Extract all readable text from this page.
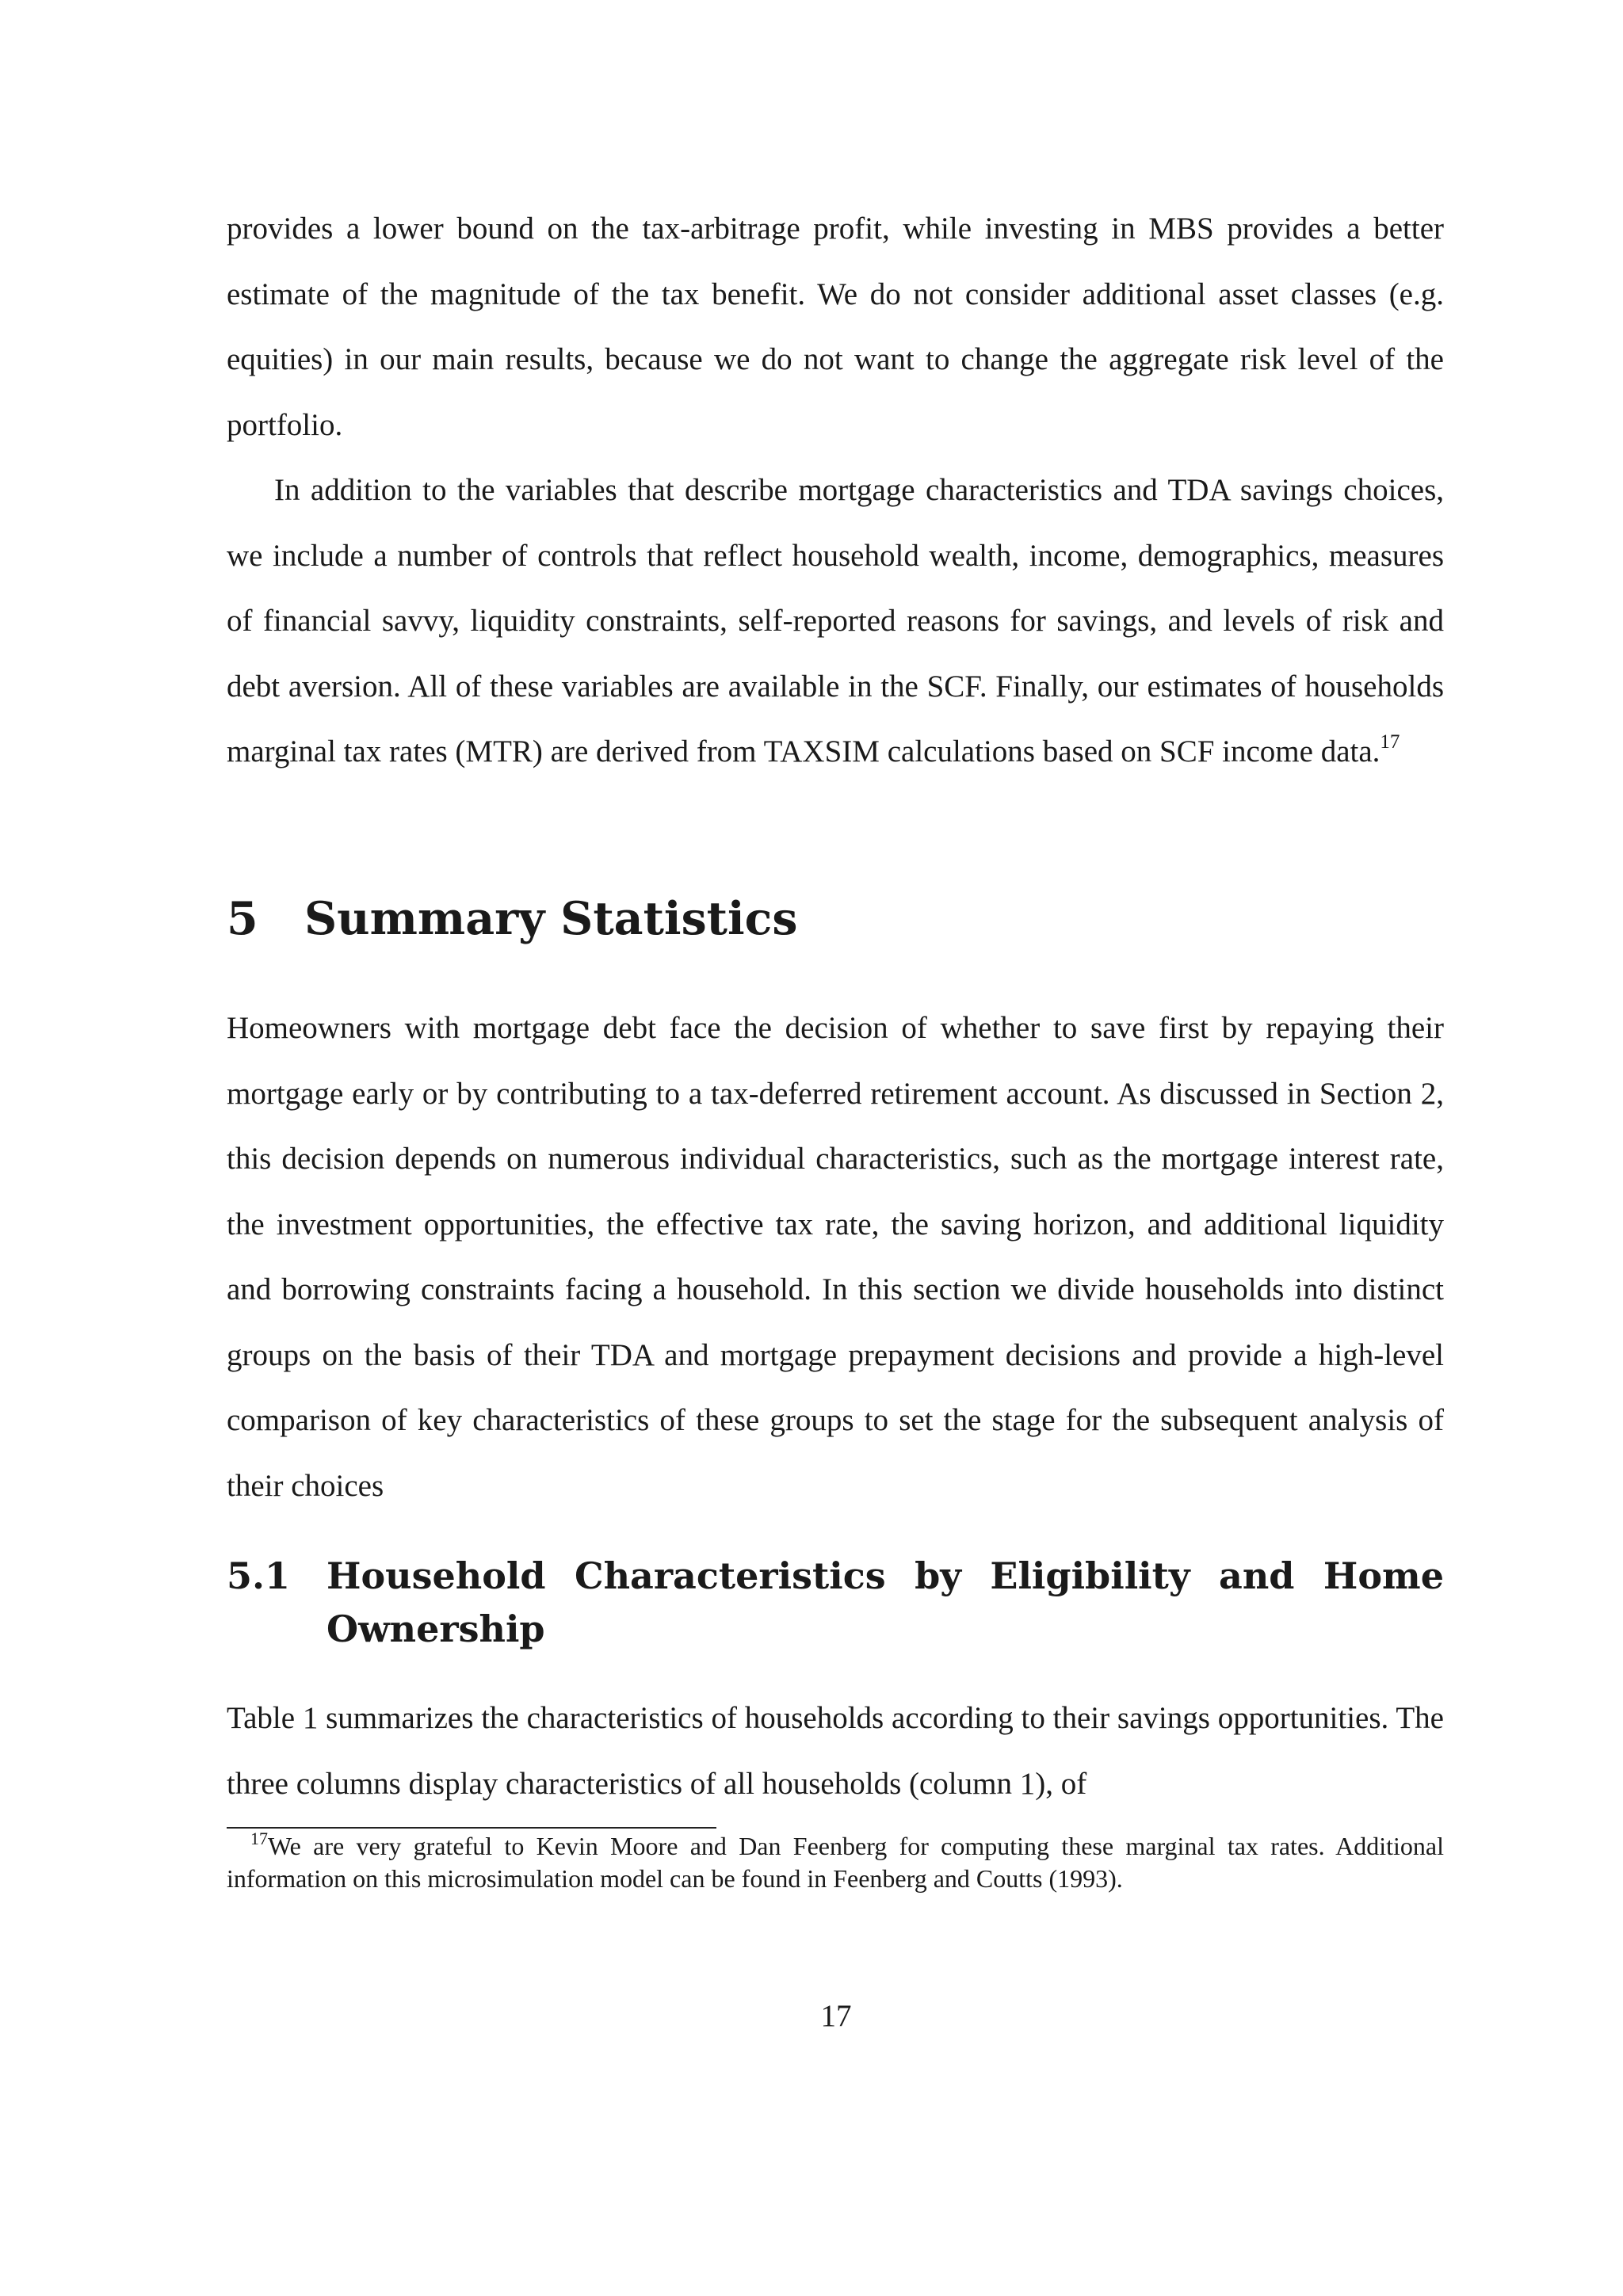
provides a lower bound on the tax-arbitrage profit, while investing in MBS provides a better estimate of the magnitude of the tax benefit. We do not consider additional asset classes (e.g. equities) in our main results, because we do not want to change the aggregate risk level of the portfolio.

In addition to the variables that describe mortgage characteristics and TDA savings choices, we include a number of controls that reflect household wealth, income, demographics, measures of financial savvy, liquidity constraints, self-reported reasons for savings, and levels of risk and debt aversion. All of these variables are available in the SCF. Finally, our estimates of households marginal tax rates (MTR) are derived from TAXSIM calculations based on SCF income data.$^{17}$

5 Summary Statistics

Homeowners with mortgage debt face the decision of whether to save first by repaying their mortgage early or by contributing to a tax-deferred retirement account. As discussed in Section 2, this decision depends on numerous individual characteristics, such as the mortgage interest rate, the investment opportunities, the effective tax rate, the saving horizon, and additional liquidity and borrowing constraints facing a household. In this section we divide households into distinct groups on the basis of their TDA and mortgage prepayment decisions and provide a high-level comparison of key characteristics of these groups to set the stage for the subsequent analysis of their choices

5.1 Household Characteristics by Eligibility and Home Ownership

Table 1 summarizes the characteristics of households according to their savings opportunities. The three columns display characteristics of all households (column 1), of

$^{17}$We are very grateful to Kevin Moore and Dan Feenberg for computing these marginal tax rates. Additional information on this microsimulation model can be found in Feenberg and Coutts (1993).

17
